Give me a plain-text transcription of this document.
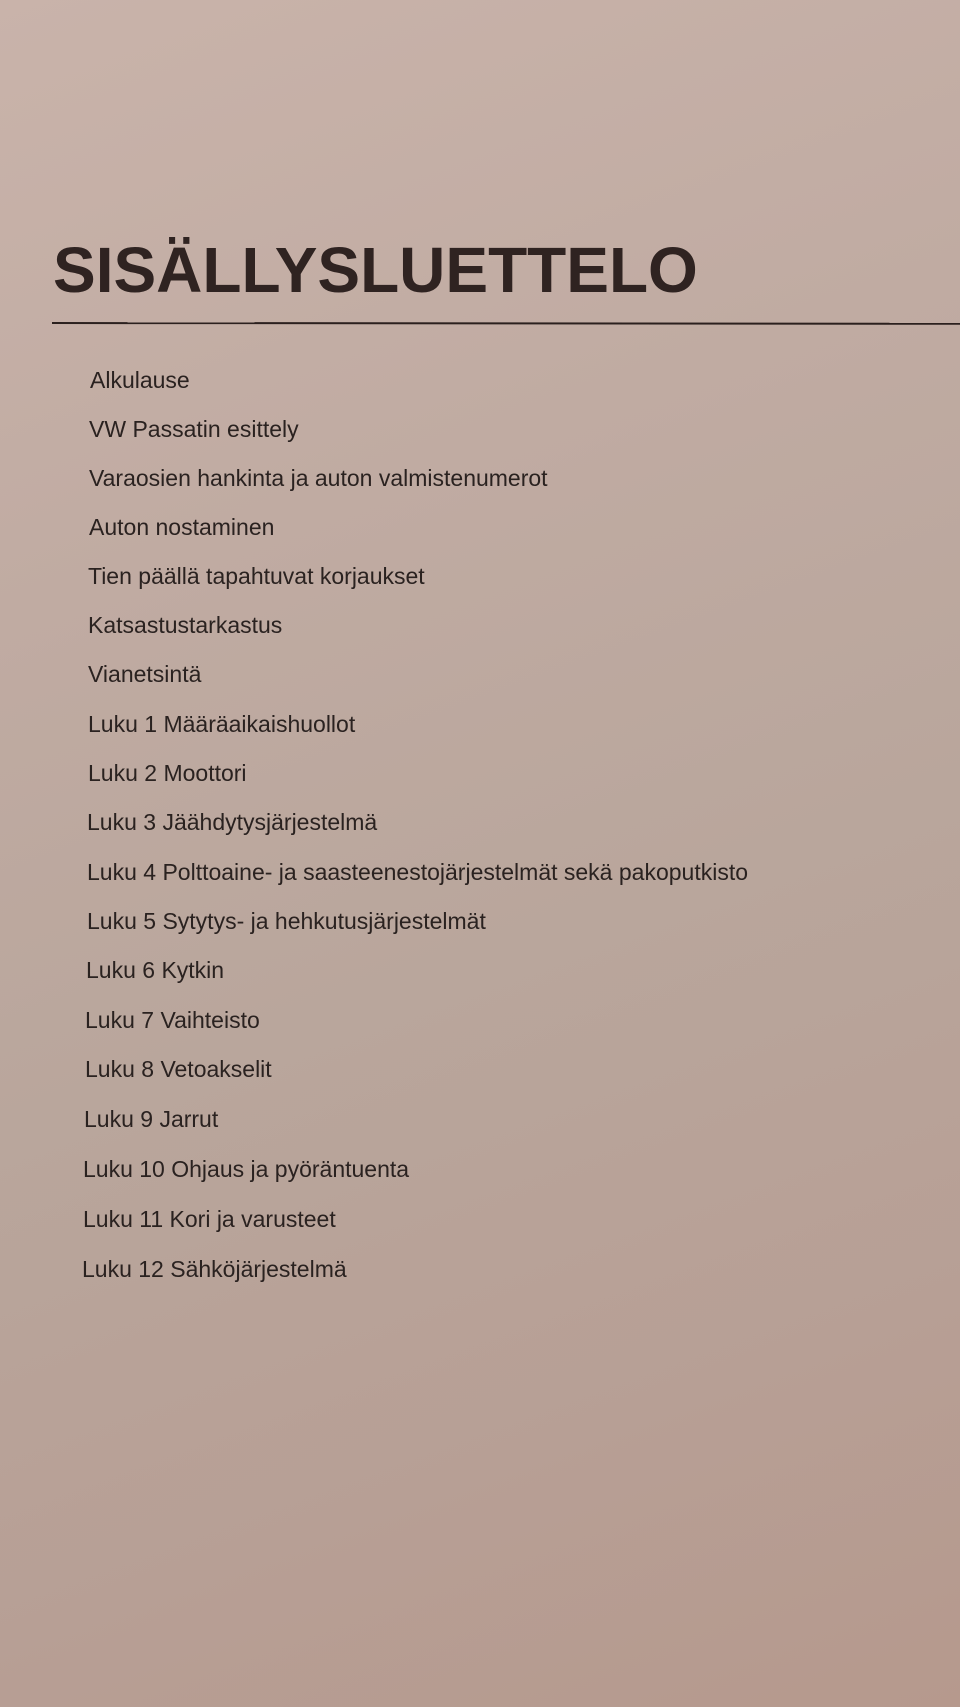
SISÄLLYSLUETTELO
Alkulause
VW Passatin esittely
Varaosien hankinta ja auton valmistenumerot
Auton nostaminen
Tien päällä tapahtuvat korjaukset
Katsastustarkastus
Vianetsintä
Luku 1 Määräaikaishuollot
Luku 2 Moottori
Luku 3 Jäähdytysjärjestelmä
Luku 4 Polttoaine- ja saasteenestojärjestelmät sekä pakoputkisto
Luku 5 Sytytys- ja hehkutusjärjestelmät
Luku 6 Kytkin
Luku 7 Vaihteisto
Luku 8 Vetoakselit
Luku 9 Jarrut
Luku 10 Ohjaus ja pyöräntuenta
Luku 11 Kori ja varusteet
Luku 12 Sähköjärjestelmä
